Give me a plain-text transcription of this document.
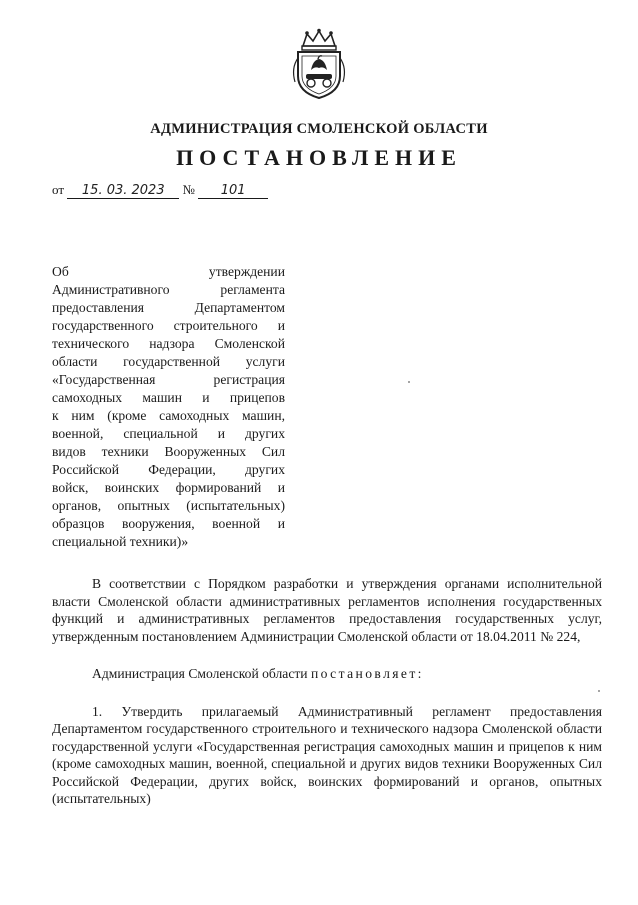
АДМИНИСТРАЦИЯ СМОЛЕНСКОЙ ОБЛАСТИ
ПОСТАНОВЛЕНИЕ
от 15. 03. 2023 № 101
Об утверждении
Административного регламента
предоставления Департаментом
государственного строительного и
технического надзора Смоленской
области государственной услуги
«Государственная регистрация
самоходных машин и прицепов
к ним (кроме самоходных машин,
военной, специальной и других
видов техники Вооруженных Сил
Российской Федерации, других
войск, воинских формирований и
органов, опытных (испытательных)
образцов вооружения, военной и
специальной техники)»

В соответствии с Порядком разработки и утверждения органами исполнительной власти Смоленской области административных регламентов исполнения государственных функций и административных регламентов предоставления государственных услуг, утвержденным постановлением Администрации Смоленской области от 18.04.2011 № 224,

Администрация Смоленской области постановляет:

1. Утвердить прилагаемый Административный регламент предоставления Департаментом государственного строительного и технического надзора Смоленской области государственной услуги «Государственная регистрация самоходных машин и прицепов к ним (кроме самоходных машин, военной, специальной и других видов техники Вооруженных Сил Российской Федерации, других войск, воинских формирований и органов, опытных (испытательных)
